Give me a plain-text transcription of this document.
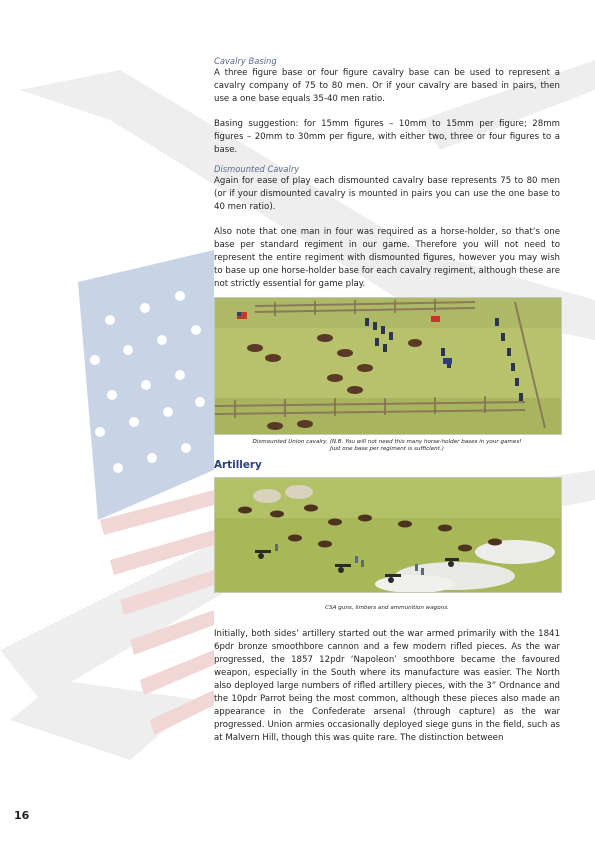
Cavalry Basing

A three figure base or four figure cavalry base can be used to represent a cavalry company of 75 to 80 men. Or if your cavalry are based in pairs, then use a one base equals 35-40 men ratio.

Basing suggestion: for 15mm figures – 10mm to 15mm per figure; 28mm figures – 20mm to 30mm per figure, with either two, three or four figures to a base.

Dismounted Cavalry

Again for ease of play each dismounted cavalry base represents 75 to 80 men (or if your dismounted cavalry is mounted in pairs you can use the one base to 40 men ratio).

Also note that one man in four was required as a horse-holder, so that’s one base per standard regiment in our game. Therefore you will not need to represent the entire regiment with dismounted figures, however you may wish to base up one horse-holder base for each cavalry regiment, although these are not strictly essential for game play.

Dismounted Union cavalry. (N.B. You will not need this many horse-holder bases in your games!

Just one base per regiment is sufficient.)

Artillery

CSA guns, limbers and ammunition wagons.

Initially, both sides’ artillery started out the war armed primarily with the 1841 6pdr bronze smoothbore cannon and a few modern rifled pieces. As the war progressed, the 1857 12pdr ‘Napoleon’ smoothbore became the favoured weapon, especially in the South where its manufacture was easier. The North also deployed large numbers of rifled artillery pieces, with the 3” Ordnance and the 10pdr Parrot being the most common, although these pieces also made an appearance in the Confederate arsenal (through capture) as the war progressed. Union armies occasionally deployed siege guns in the field, such as at Malvern Hill, though this was quite rare. The distinction between

16
